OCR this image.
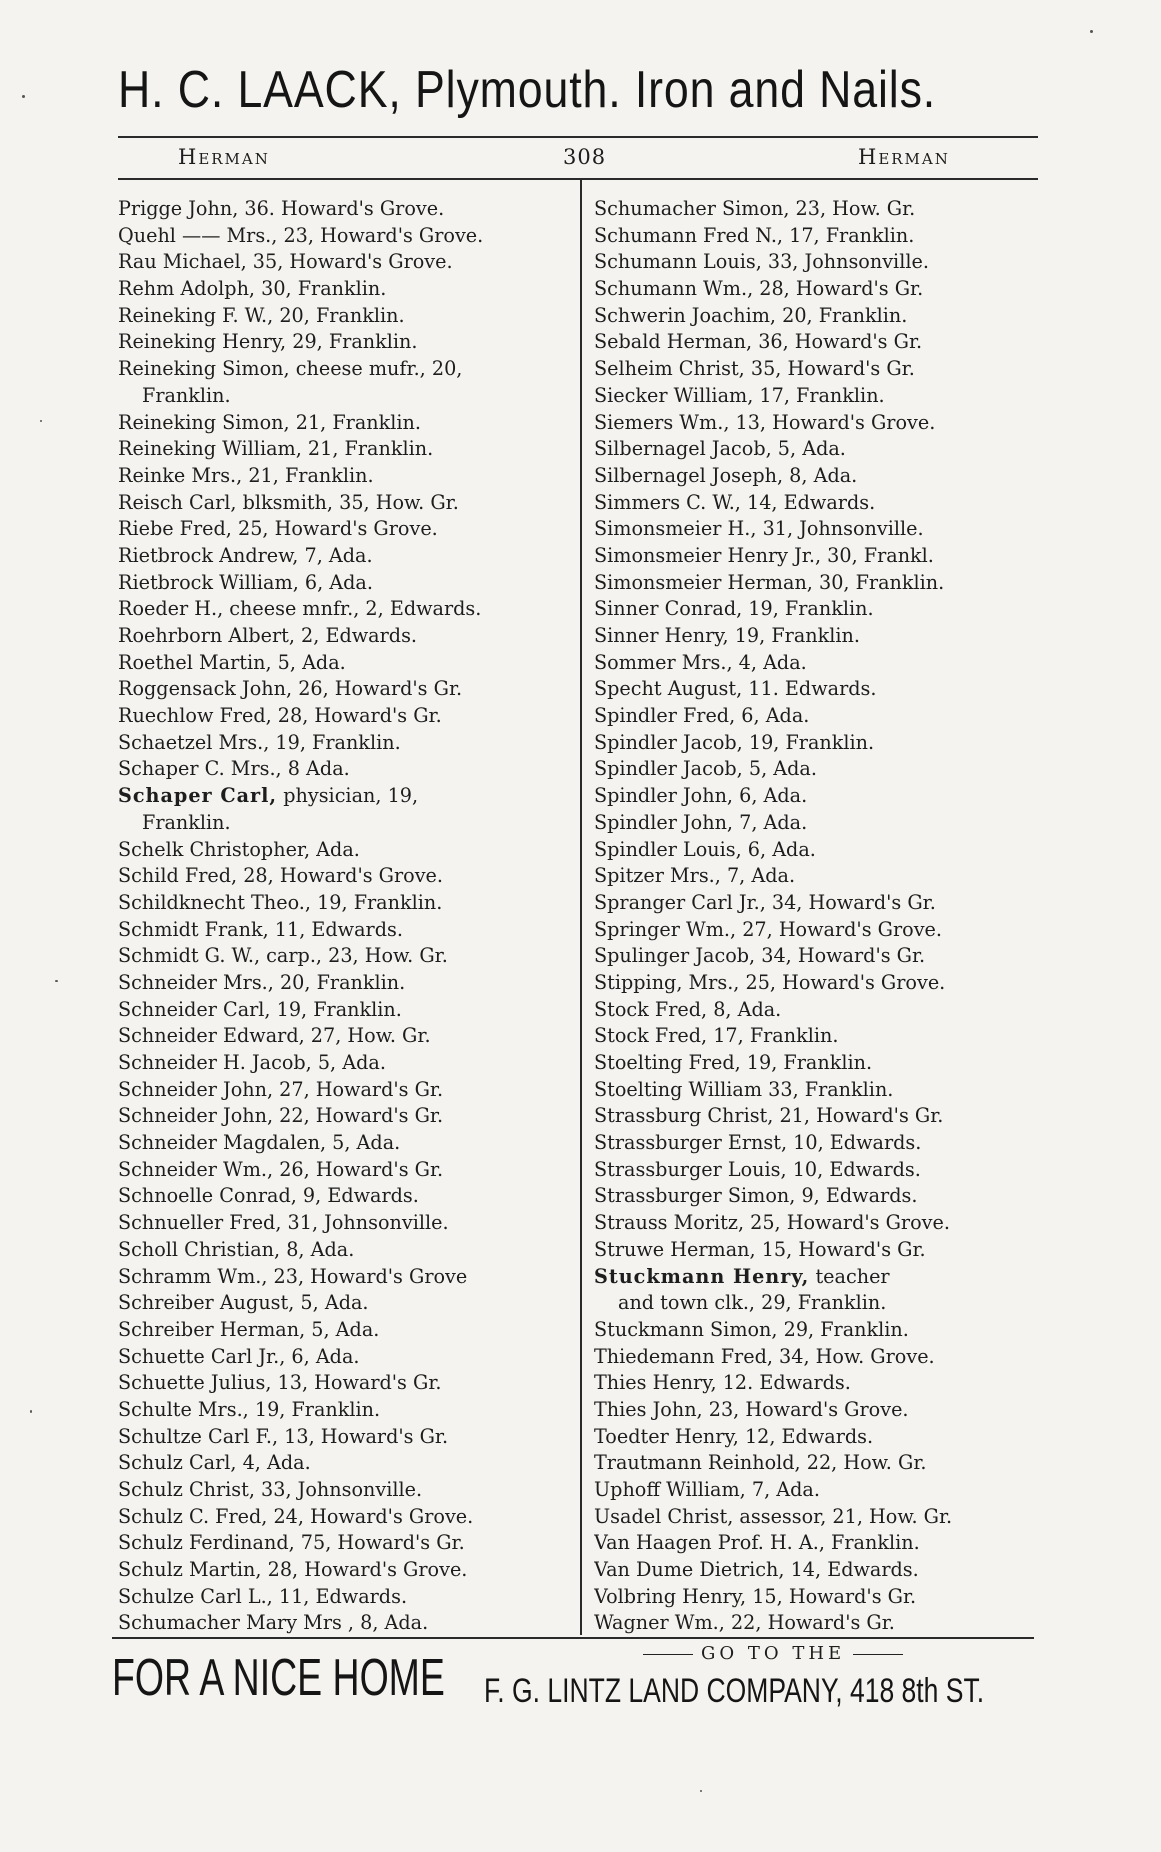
H. C. LAACK, Plymouth. Iron and Nails.
Herman	308	Herman
Prigge John, 36. Howard's Grove.
Quehl —— Mrs., 23, Howard's Grove.
Rau Michael, 35, Howard's Grove.
Rehm Adolph, 30, Franklin.
Reineking F. W., 20, Franklin.
Reineking Henry, 29, Franklin.
Reineking Simon, cheese mufr., 20,
Franklin.
Reineking Simon, 21, Franklin.
Reineking William, 21, Franklin.
Reinke Mrs., 21, Franklin.
Reisch Carl, blksmith, 35, How. Gr.
Riebe Fred, 25, Howard's Grove.
Rietbrock Andrew, 7, Ada.
Rietbrock William, 6, Ada.
Roeder H., cheese mnfr., 2, Edwards.
Roehrborn Albert, 2, Edwards.
Roethel Martin, 5, Ada.
Roggensack John, 26, Howard's Gr.
Ruechlow Fred, 28, Howard's Gr.
Schaetzel Mrs., 19, Franklin.
Schaper C. Mrs., 8 Ada.
Schaper Carl, physician, 19,
Franklin.
Schelk Christopher, Ada.
Schild Fred, 28, Howard's Grove.
Schildknecht Theo., 19, Franklin.
Schmidt Frank, 11, Edwards.
Schmidt G. W., carp., 23, How. Gr.
Schneider Mrs., 20, Franklin.
Schneider Carl, 19, Franklin.
Schneider Edward, 27, How. Gr.
Schneider H. Jacob, 5, Ada.
Schneider John, 27, Howard's Gr.
Schneider John, 22, Howard's Gr.
Schneider Magdalen, 5, Ada.
Schneider Wm., 26, Howard's Gr.
Schnoelle Conrad, 9, Edwards.
Schnueller Fred, 31, Johnsonville.
Scholl Christian, 8, Ada.
Schramm Wm., 23, Howard's Grove
Schreiber August, 5, Ada.
Schreiber Herman, 5, Ada.
Schuette Carl Jr., 6, Ada.
Schuette Julius, 13, Howard's Gr.
Schulte Mrs., 19, Franklin.
Schultze Carl F., 13, Howard's Gr.
Schulz Carl, 4, Ada.
Schulz Christ, 33, Johnsonville.
Schulz C. Fred, 24, Howard's Grove.
Schulz Ferdinand, 75, Howard's Gr.
Schulz Martin, 28, Howard's Grove.
Schulze Carl L., 11, Edwards.
Schumacher Mary Mrs , 8, Ada.
Schumacher Simon, 23, How. Gr.
Schumann Fred N., 17, Franklin.
Schumann Louis, 33, Johnsonville.
Schumann Wm., 28, Howard's Gr.
Schwerin Joachim, 20, Franklin.
Sebald Herman, 36, Howard's Gr.
Selheim Christ, 35, Howard's Gr.
Siecker William, 17, Franklin.
Siemers Wm., 13, Howard's Grove.
Silbernagel Jacob, 5, Ada.
Silbernagel Joseph, 8, Ada.
Simmers C. W., 14, Edwards.
Simonsmeier H., 31, Johnsonville.
Simonsmeier Henry Jr., 30, Frankl.
Simonsmeier Herman, 30, Franklin.
Sinner Conrad, 19, Franklin.
Sinner Henry, 19, Franklin.
Sommer Mrs., 4, Ada.
Specht August, 11. Edwards.
Spindler Fred, 6, Ada.
Spindler Jacob, 19, Franklin.
Spindler Jacob, 5, Ada.
Spindler John, 6, Ada.
Spindler John, 7, Ada.
Spindler Louis, 6, Ada.
Spitzer Mrs., 7, Ada.
Spranger Carl Jr., 34, Howard's Gr.
Springer Wm., 27, Howard's Grove.
Spulinger Jacob, 34, Howard's Gr.
Stipping, Mrs., 25, Howard's Grove.
Stock Fred, 8, Ada.
Stock Fred, 17, Franklin.
Stoelting Fred, 19, Franklin.
Stoelting William 33, Franklin.
Strassburg Christ, 21, Howard's Gr.
Strassburger Ernst, 10, Edwards.
Strassburger Louis, 10, Edwards.
Strassburger Simon, 9, Edwards.
Strauss Moritz, 25, Howard's Grove.
Struwe Herman, 15, Howard's Gr.
Stuckmann Henry, teacher
and town clk., 29, Franklin.
Stuckmann Simon, 29, Franklin.
Thiedemann Fred, 34, How. Grove.
Thies Henry, 12. Edwards.
Thies John, 23, Howard's Grove.
Toedter Henry, 12, Edwards.
Trautmann Reinhold, 22, How. Gr.
Uphoff William, 7, Ada.
Usadel Christ, assessor, 21, How. Gr.
Van Haagen Prof. H. A., Franklin.
Van Dume Dietrich, 14, Edwards.
Volbring Henry, 15, Howard's Gr.
Wagner Wm., 22, Howard's Gr.
FOR A NICE HOME	GO TO THE
F. G. LINTZ LAND COMPANY, 418 8th ST.
